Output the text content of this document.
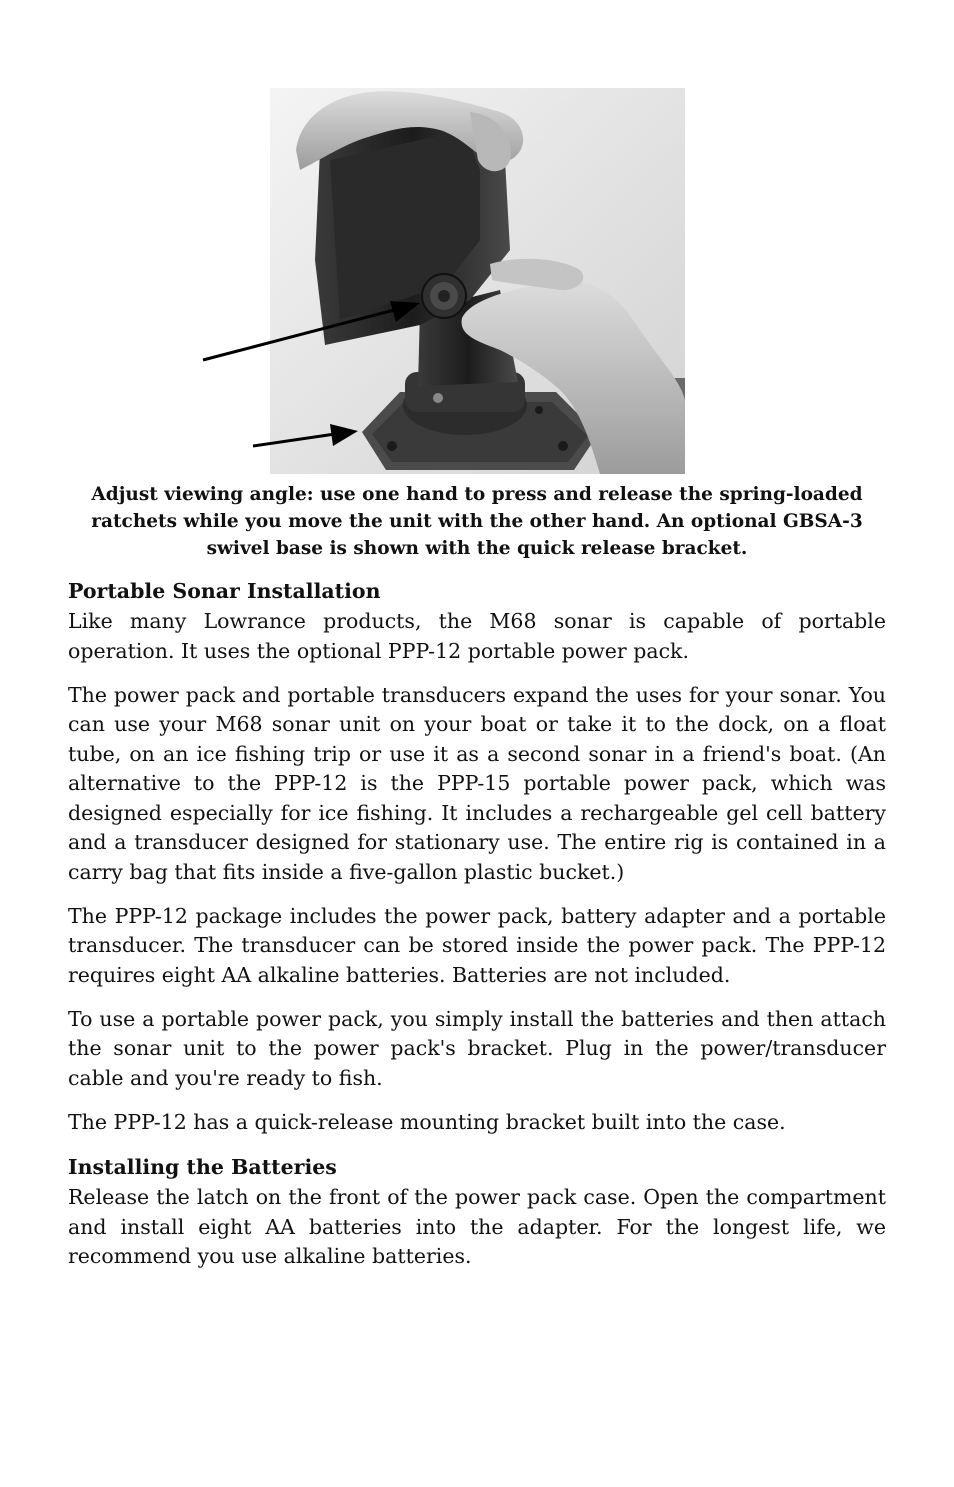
Adjust viewing angle: use one hand to press and release the spring-loaded ratchets while you move the unit with the other hand. An optional GBSA-3 swivel base is shown with the quick release bracket.
Portable Sonar Installation

Like many Lowrance products, the M68 sonar is capable of portable operation. It uses the optional PPP-12 portable power pack.

The power pack and portable transducers expand the uses for your sonar. You can use your M68 sonar unit on your boat or take it to the dock, on a float tube, on an ice fishing trip or use it as a second sonar in a friend's boat. (An alternative to the PPP-12 is the PPP-15 portable power pack, which was designed especially for ice fishing. It includes a rechargeable gel cell battery and a transducer designed for stationary use. The entire rig is contained in a carry bag that fits inside a five-gallon plastic bucket.)

The PPP-12 package includes the power pack, battery adapter and a portable transducer. The transducer can be stored inside the power pack. The PPP-12 requires eight AA alkaline batteries. Batteries are not included.

To use a portable power pack, you simply install the batteries and then attach the sonar unit to the power pack's bracket. Plug in the power/transducer cable and you're ready to fish.

The PPP-12 has a quick-release mounting bracket built into the case.

Installing the Batteries

Release the latch on the front of the power pack case. Open the compartment and install eight AA batteries into the adapter. For the longest life, we recommend you use alkaline batteries.
